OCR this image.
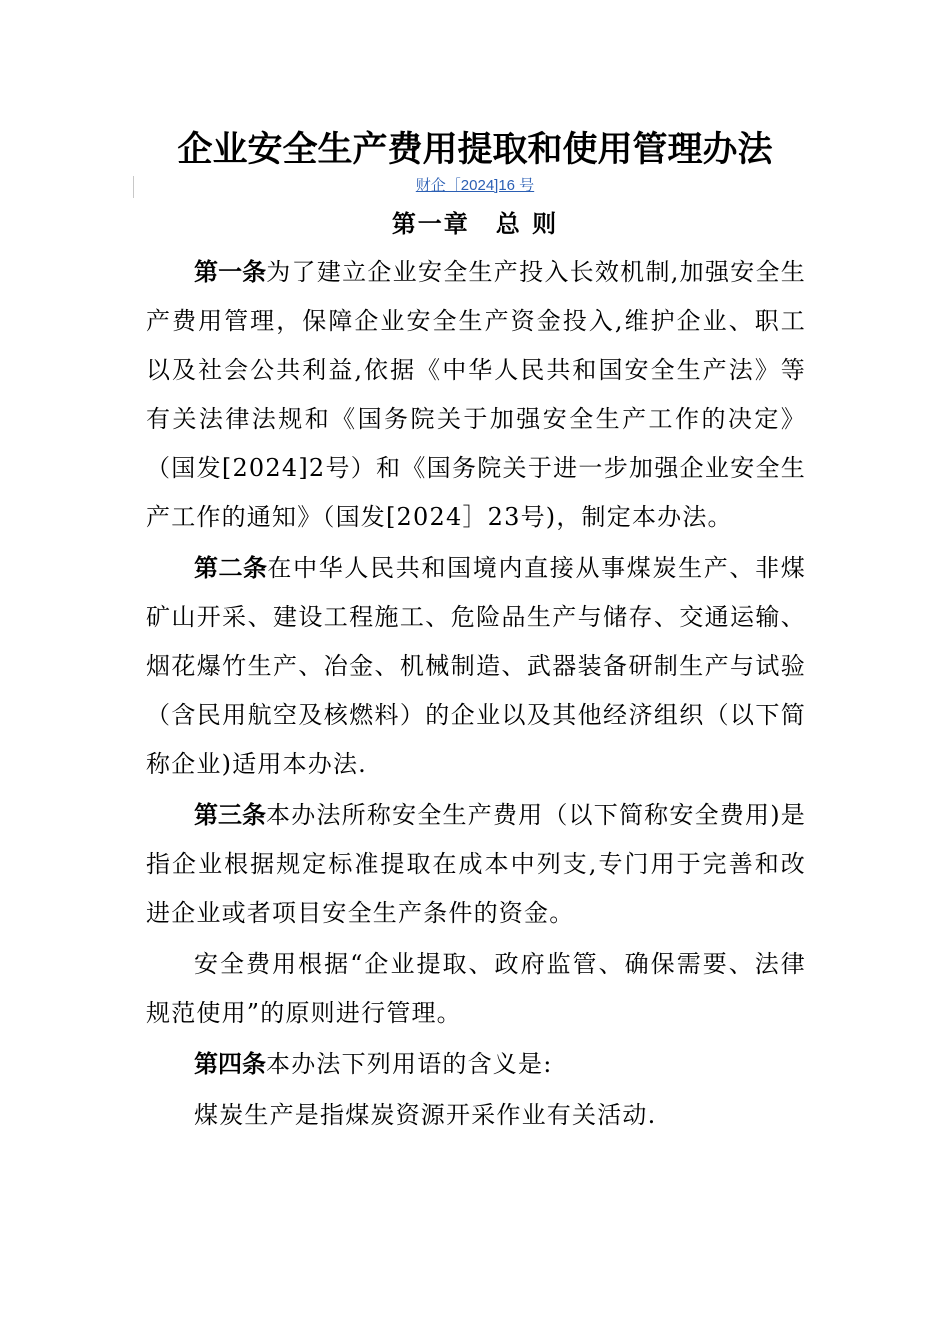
企业安全生产费用提取和使用管理办法
财企［2024]16 号
第一章　总 则

第一条为了建立企业安全生产投入长效机制,加强安全生产费用管理，保障企业安全生产资金投入,维护企业、职工以及社会公共利益,依据《中华人民共和国安全生产法》等有关法律法规和《国务院关于加强安全生产工作的决定》（国发[2024]2号）和《国务院关于进一步加强企业安全生产工作的通知》（国发[2024］23号)，制定本办法。

第二条在中华人民共和国境内直接从事煤炭生产、非煤矿山开采、建设工程施工、危险品生产与储存、交通运输、烟花爆竹生产、冶金、机械制造、武器装备研制生产与试验（含民用航空及核燃料）的企业以及其他经济组织（以下简称企业)适用本办法.

第三条本办法所称安全生产费用（以下简称安全费用)是指企业根据规定标准提取在成本中列支,专门用于完善和改进企业或者项目安全生产条件的资金。

安全费用根据“企业提取、政府监管、确保需要、法律规范使用”的原则进行管理。

第四条本办法下列用语的含义是:

煤炭生产是指煤炭资源开采作业有关活动.
